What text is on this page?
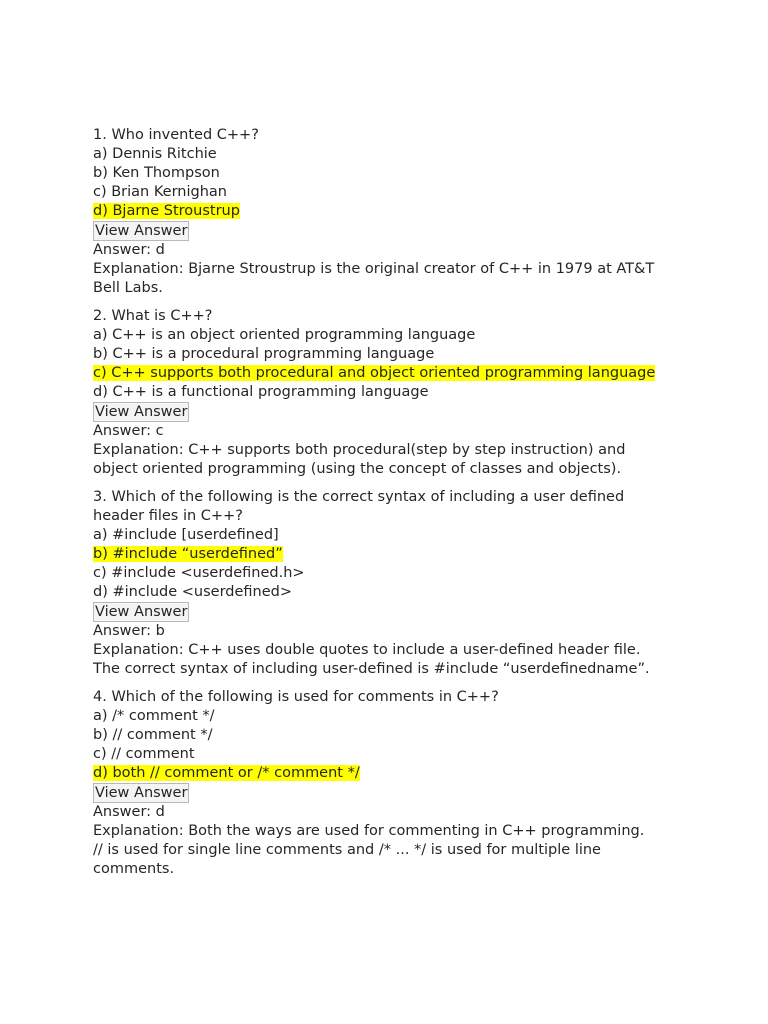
1. Who invented C++?
a) Dennis Ritchie
b) Ken Thompson
c) Brian Kernighan
d) Bjarne Stroustrup
View Answer
Answer: d
Explanation: Bjarne Stroustrup is the original creator of C++ in 1979 at AT&T Bell Labs.
2. What is C++?
a) C++ is an object oriented programming language
b) C++ is a procedural programming language
c) C++ supports both procedural and object oriented programming language
d) C++ is a functional programming language
View Answer
Answer: c
Explanation: C++ supports both procedural(step by step instruction) and object oriented programming (using the concept of classes and objects).
3. Which of the following is the correct syntax of including a user defined header files in C++?
a) #include [userdefined]
b) #include “userdefined”
c) #include <userdefined.h>
d) #include <userdefined>
View Answer
Answer: b
Explanation: C++ uses double quotes to include a user-defined header file. The correct syntax of including user-defined is #include “userdefinedname”.
4. Which of the following is used for comments in C++?
a) /* comment */
b) // comment */
c) // comment
d) both // comment or /* comment */
View Answer
Answer: d
Explanation: Both the ways are used for commenting in C++ programming. // is used for single line comments and /* ... */ is used for multiple line comments.
